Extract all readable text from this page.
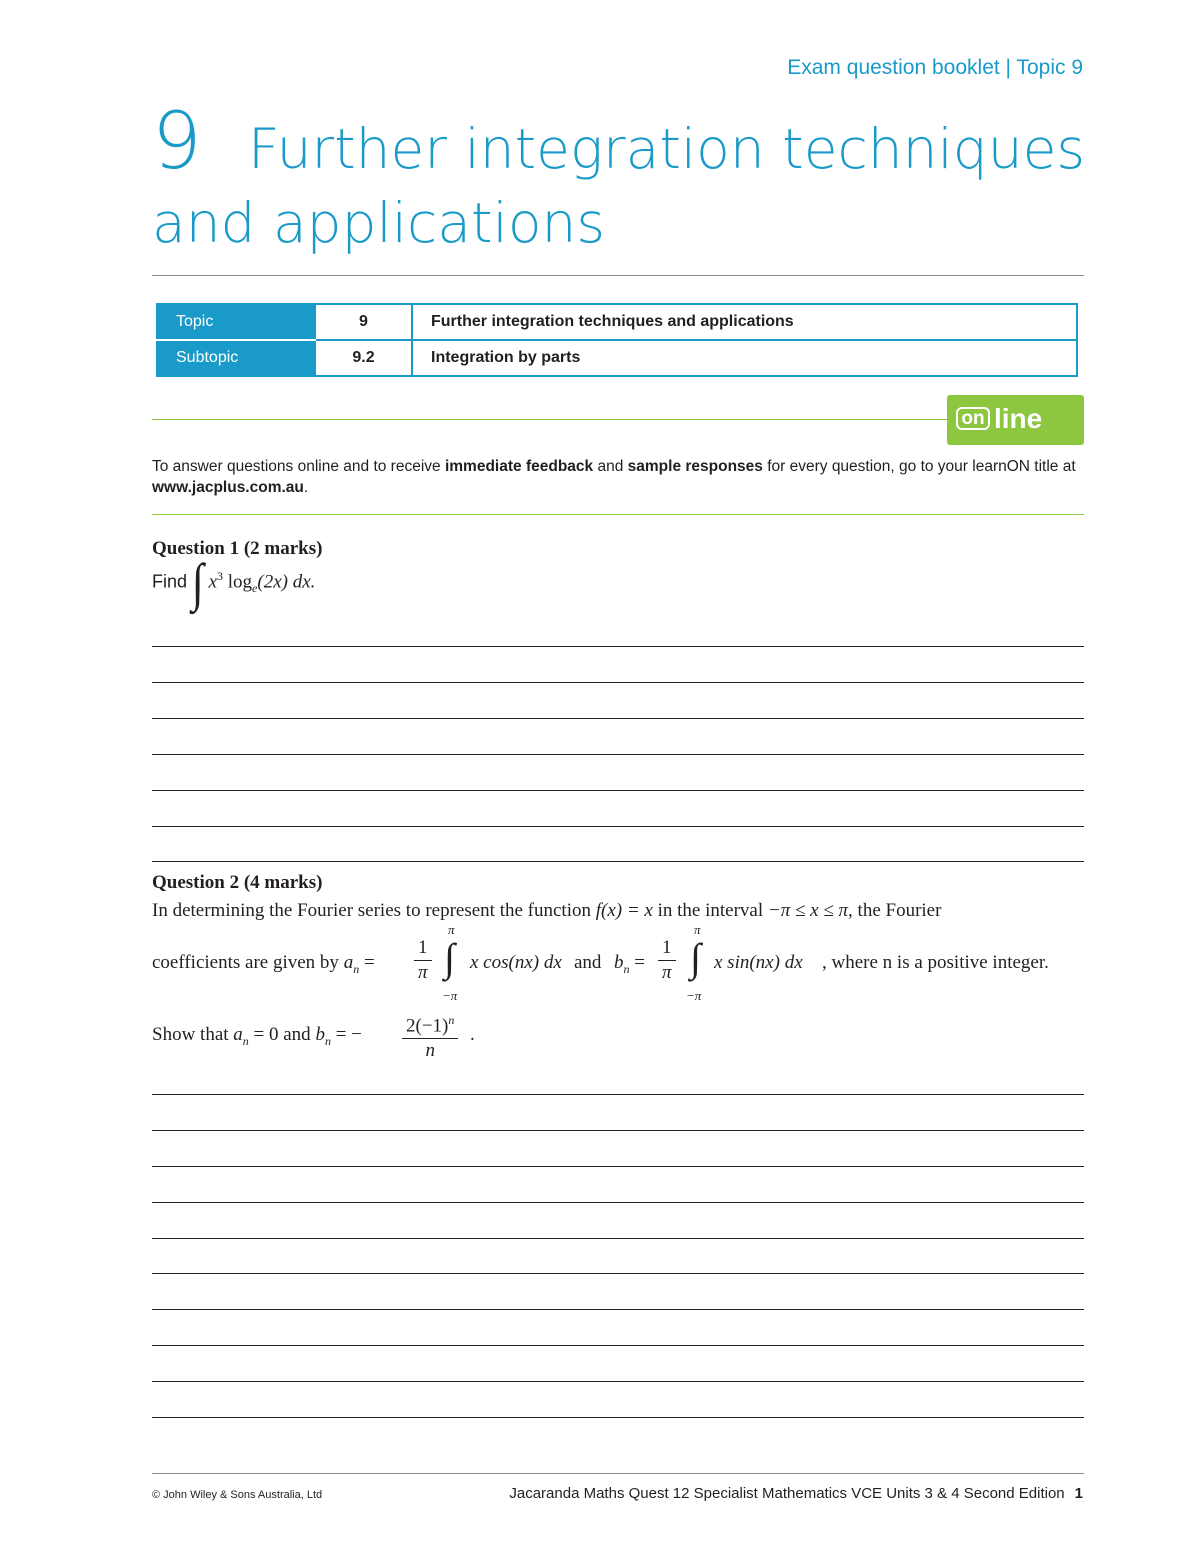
Exam question booklet | Topic 9
9 Further integration techniques
and applications
Topic	9	Further integration techniques and applications
Subtopic	9.2	Integration by parts
on line	only
To answer questions online and to receive immediate feedback and sample responses for every question, go to your learnON title at www.jacplus.com.au.
Question 1 (2 marks)
Find ∫ $x^3$ $\log_e(2x)$ dx.
Question 2 (4 marks)
In determining the Fourier series to represent the function f(x) = x in the interval −π ≤ x ≤ π, the Fourier
coefficients are given by $a_n = \frac{1}{\pi}$
π
∫
−π
x cos(nx) dx and $b_n = \frac{1}{\pi}$
π
∫
−π
x sin(nx) dx , where n is a positive integer.
Show that $a_n = 0$ and $b_n$ = − $\frac{2(-1)^n}{n}$ .
© John Wiley & Sons Australia, Ltd	Jacaranda Maths Quest 12 Specialist Mathematics VCE Units 3 & 4 Second Edition 1
